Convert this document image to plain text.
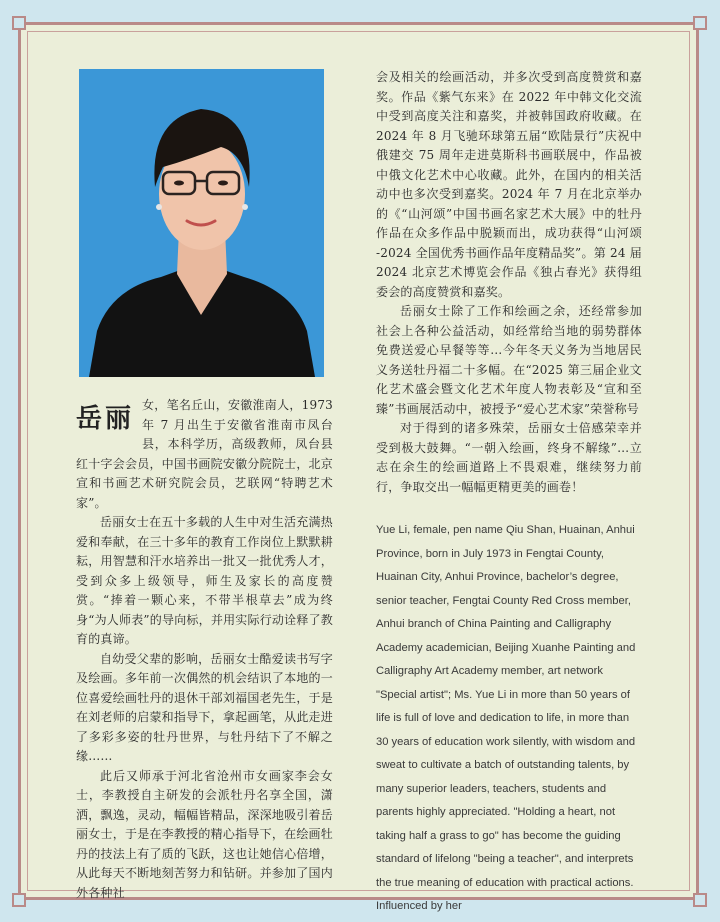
岳丽 女，笔名丘山，安徽淮南人，1973 年 7 月出生于安徽省淮南市凤台县，本科学历，高级教师，凤台县红十字会会员，中国书画院安徽分院院士，北京宣和书画艺术研究院会员，艺联网“特聘艺术家”。

岳丽女士在五十多载的人生中对生活充满热爱和奉献，在三十多年的教育工作岗位上默默耕耘，用智慧和汗水培养出一批又一批优秀人才，受到众多上级领导，师生及家长的高度赞赏。“捧着一颗心来，不带半根草去”成为终身“为人师表”的导向标，并用实际行动诠释了教育的真谛。

自幼受父辈的影响，岳丽女士酷爱读书写字及绘画。多年前一次偶然的机会结识了本地的一位喜爱绘画牡丹的退休干部刘福国老先生，于是在刘老师的启蒙和指导下，拿起画笔，从此走进了多彩多姿的牡丹世界，与牡丹结下了不解之缘……

此后又师承于河北省沧州市女画家李会女士，李教授自主研发的会派牡丹名享全国，潇洒，飘逸，灵动，幅幅皆精品，深深地吸引着岳丽女士，于是在李教授的精心指导下，在绘画牡丹的技法上有了质的飞跃，这也让她信心倍增，从此每天不断地刻苦努力和钻研。并参加了国内外各种社

会及相关的绘画活动，并多次受到高度赞赏和嘉奖。作品《紫气东来》在 2022 年中韩文化交流中受到高度关注和嘉奖，并被韩国政府收藏。在 2024 年 8 月飞驰环球第五届“欧陆景行”庆祝中俄建交 75 周年走进莫斯科书画联展中，作品被中俄文化艺术中心收藏。此外，在国内的相关活动中也多次受到嘉奖。2024 年 7 月在北京举办的《“山河颂”中国书画名家艺术大展》中的牡丹作品在众多作品中脱颖而出，成功获得“山河颂 -2024 全国优秀书画作品年度精品奖”。第 24 届 2024 北京艺术博览会作品《独占春光》获得组委会的高度赞赏和嘉奖。

岳丽女士除了工作和绘画之余，还经常参加社会上各种公益活动，如经常给当地的弱势群体免费送爱心早餐等等…今年冬天义务为当地居民义务送牡丹福二十多幅。在“2025 第三届企业文化艺术盛会暨文化艺术年度人物表彰及“宣和至臻”书画展活动中，被授予“爱心艺术家”荣誉称号

对于得到的诸多殊荣，岳丽女士倍感荣幸并受到极大鼓舞。“一朝入绘画，终身不解缘”…立志在余生的绘画道路上不畏艰难，继续努力前行，争取交出一幅幅更精更美的画卷！

Yue Li, female, pen name Qiu Shan, Huainan, Anhui Province, born in July 1973 in Fengtai County, Huainan City, Anhui Province, bachelor’s degree, senior teacher, Fengtai County Red Cross member, Anhui branch of China Painting and Calligraphy Academy academician, Beijing Xuanhe Painting and Calligraphy Art Academy member, art network "Special artist"; Ms. Yue Li in more than 50 years of life is full of love and dedication to life, in more than 30 years of education work silently, with wisdom and sweat to cultivate a batch of outstanding talents, by many superior leaders, teachers, students and parents highly appreciated. "Holding a heart, not taking half a grass to go" has become the guiding standard of lifelong "being a teacher", and interprets the true meaning of education with practical actions. Influenced by her
